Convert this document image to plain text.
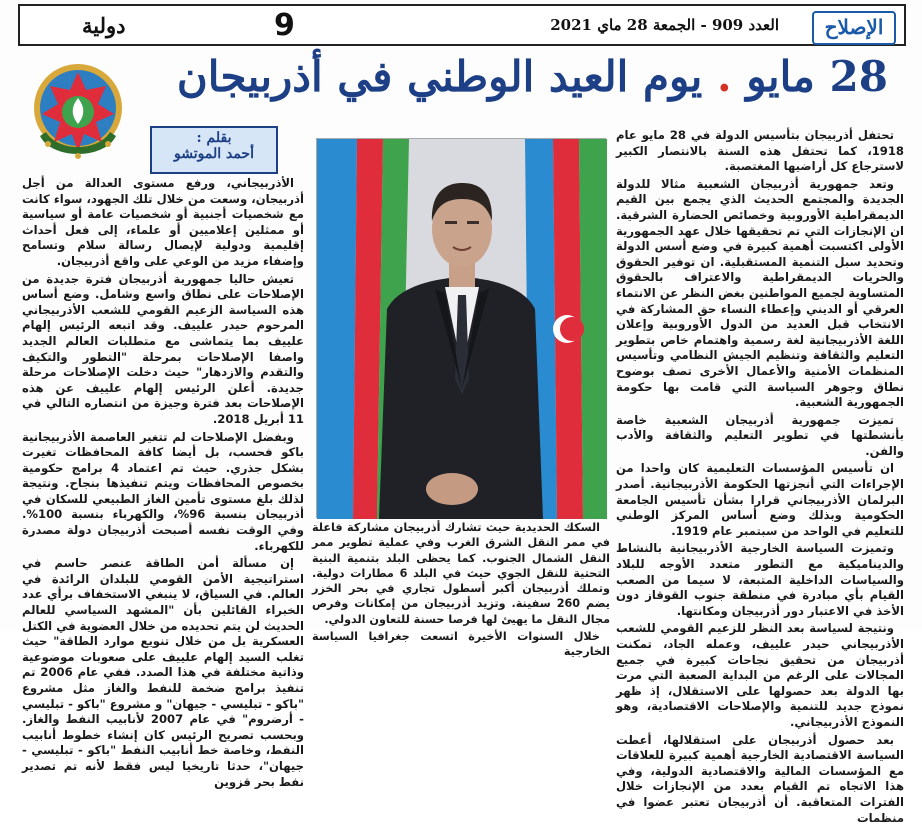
الإصلاح
العدد 909 - الجمعة 28 ماي 2021
9
دولية
28 مايو . يوم العيد الوطني في أذربيجان
بقلم :
أحمد الموتشو

تحتفل أذربيجان بتأسيس الدولة في 28 مايو عام 1918، كما تحتفل هذه السنة بالانتصار الكبير لاسترجاع كل أراضيها المغتصبة.

وتعد جمهورية أذربيجان الشعبية مثالا للدولة الجديدة والمجتمع الحديث الذي يجمع بين القيم الديمقراطية الأوروبية وخصائص الحضارة الشرقية. ان الإنجازات التي تم تحقيقها خلال عهد الجمهورية الأولى اكتسبت أهمية كبيرة في وضع أسس الدولة وتحديد سبل التنمية المستقبلية. ان توفير الحقوق والحريات الديمقراطية والاعتراف بالحقوق المتساوية لجميع المواطنين بغض النظر عن الانتماء العرقي أو الديني وإعطاء النساء حق المشاركة في الانتخاب قبل العديد من الدول الأوروبية وإعلان اللغة الأذربيجانية لغة رسمية واهتمام خاص بتطوير التعليم والثقافة وتنظيم الجيش النظامي وتأسيس المنظمات الأمنية والأعمال الأخرى تصف بوضوح نطاق وجوهر السياسة التي قامت بها حكومة الجمهورية الشعبية.

تميزت جمهورية أذربيجان الشعبية خاصة بأنشطتها في تطوير التعليم والثقافة والأدب والفن.

ان تأسيس المؤسسات التعليمية كان واحدا من الإجراءات التي أنجزتها الحكومة الأذربيجانية. أصدر البرلمان الأذربيجاني قرارا بشأن تأسيس الجامعة الحكومية وبذلك وضع أساس المركز الوطني للتعليم في الواحد من سبتمبر عام 1919.

وتميزت السياسة الخارجية الأذربيجانية بالنشاط والديناميكية مع التطور متعدد الأوجه للبلاد والسياسات الداخلية المتبعة، لا سيما من الصعب القيام بأي مبادرة في منطقة جنوب القوقاز دون الأخذ في الاعتبار دور أذربيجان ومكانتها.

ونتيجة لسياسة بعد النظر للزعيم القومي للشعب الأذربيجاني حيدر علييف، وعمله الجاد، تمكنت أذربيجان من تحقيق نجاحات كبيرة في جميع المجالات على الرغم من البداية الصعبة التي مرت بها الدولة بعد حصولها على الاستقلال، إذ ظهر نموذج جديد للتنمية والإصلاحات الاقتصادية، وهو النموذج الأذربيجاني.

بعد حصول أذربيجان على استقلالها، أعطت السياسة الاقتصادية الخارجية أهمية كبيرة للعلاقات مع المؤسسات المالية والاقتصادية الدولية، وفي هذا الاتجاه تم القيام بعدد من الإنجازات خلال الفترات المتعاقبة. أن أذربيجان تعتبر عضوا في منظمات

السكك الحديدية حيث تشارك أذربيجان مشاركة فاعلة في ممر النقل الشرق الغرب وفي عملية تطوير ممر النقل الشمال الجنوب. كما يحظى البلد بتنمية البنية التحتية للنقل الجوي حيث في البلد 6 مطارات دولية. وتملك أذربيجان أكبر أسطول تجاري في بحر الخزر يضم 260 سفينة. وتزيد أذربيجان من إمكانات وفرص مجال النقل ما يهيئ لها فرصا حسنة للتعاون الدولي.

خلال السنوات الأخيرة اتسعت جغرافيا السياسة الخارجية

الأذربيجاني، ورفع مستوى العدالة من أجل أذربيجان، وسعت من خلال تلك الجهود، سواء كانت مع شخصيات أجنبية أو شخصيات عامة أو سياسية أو ممثلين إعلاميين أو علماء، إلى فعل أحداث إقليمية ودولية لإيصال رسالة سلام وتسامح وإضفاء مزيد من الوعي على واقع أذربيجان.

تعيش حاليا جمهورية أذربيجان فترة جديدة من الإصلاحات على نطاق واسع وشامل. وضع أساس هذه السياسة الزعيم القومي للشعب الأذربيجاني المرحوم حيدر علييف. وقد اتبعه الرئيس إلهام علييف بما يتماشى مع متطلبات العالم الجديد واصفا الإصلاحات بمرحلة "التطور والتكيف والتقدم والازدهار" حيث دخلت الإصلاحات مرحلة جديدة. أعلن الرئيس إلهام علييف عن هذه الإصلاحات بعد فترة وجيزة من انتصاره التالي في 11 أبريل 2018.

وبفضل الإصلاحات لم تتغير العاصمة الأذربيجانية باكو فحسب، بل أيضا كافة المحافظات تغيرت بشكل جذري. حيث تم اعتماد 4 برامج حكومية بخصوص المحافظات ويتم تنفيذها بنجاح. ونتيجة لذلك بلغ مستوى تأمين الغاز الطبيعي للسكان في أذربيجان بنسبة 96%، والكهرباء بنسبة 100%. وفي الوقت نفسه أصبحت أذربيجان دولة مصدرة للكهرباء.

إن مسألة أمن الطاقة عنصر حاسم في استراتيجية الأمن القومي للبلدان الرائدة في العالم. في السياق، لا ينبغي الاستخفاف برأي عدد الخبراء القائلين بأن "المشهد السياسي للعالم الحديث لن يتم تحديده من خلال العضوية في الكتل العسكرية بل من خلال تنويع موارد الطاقة" حيث تغلب السيد إلهام علييف على صعوبات موضوعية وذاتية مختلفة في هذا الصدد. ففي عام 2006 تم تنفيذ برامج ضخمة للنفط والغاز مثل مشروع "باكو - تبليسي - جيهان" و مشروع "باكو - تبليسي - أرضروم" في عام 2007 لأنابيب النفط والغاز. وبحسب تصريح الرئيس كان إنشاء خطوط أنابيب النفط، وخاصة خط أنابيب النفط "باكو - تبليسي - جيهان"، حدثا تاريخيا ليس فقط لأنه تم تصدير نفط بحر قزوين
